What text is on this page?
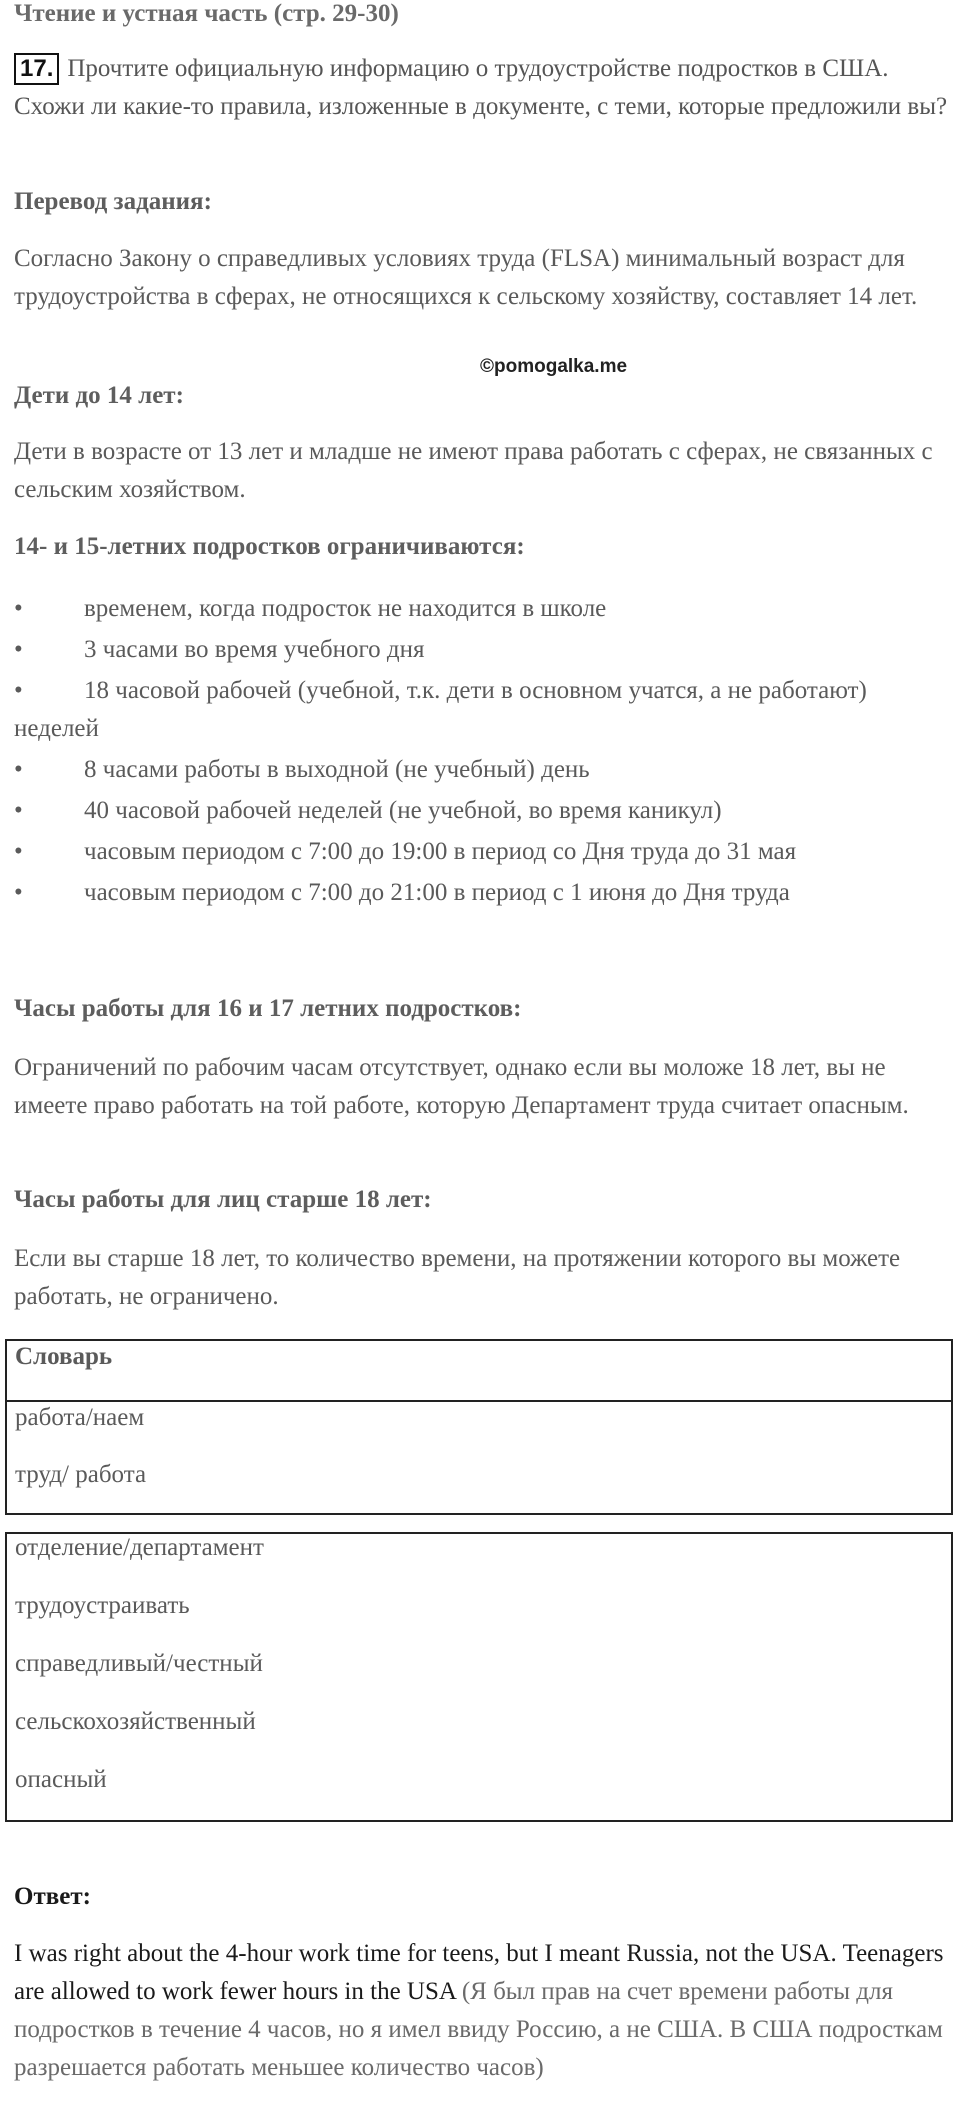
Чтение и устная часть (стр. 29-30)
17. Прочтите официальную информацию о трудоустройстве подростков в США. Схожи ли какие-то правила, изложенные в документе, с теми, которые предложили вы?
Перевод задания:
Согласно Закону о справедливых условиях труда (FLSA) минимальный возраст для трудоустройства в сферах, не относящихся к сельскому хозяйству, составляет 14 лет.
©pomogalka.me
Дети до 14 лет:
Дети в возрасте от 13 лет и младше не имеют права работать с сферах, не связанных с сельским хозяйством.
14- и 15-летних подростков ограничиваются:
• временем, когда подросток не находится в школе
• 3 часами во время учебного дня
• 18 часовой рабочей (учебной, т.к. дети в основном учатся, а не работают) неделей
• 8 часами работы в выходной (не учебный) день
• 40 часовой рабочей неделей (не учебной, во время каникул)
• часовым периодом с 7:00 до 19:00 в период со Дня труда до 31 мая
• часовым периодом с 7:00 до 21:00 в период с 1 июня до Дня труда
Часы работы для 16 и 17 летних подростков:
Ограничений по рабочим часам отсутствует, однако если вы моложе 18 лет, вы не имеете право работать на той работе, которую Департамент труда считает опасным.
Часы работы для лиц старше 18 лет:
Если вы старше 18 лет, то количество времени, на протяжении которого вы можете работать, не ограничено.
Словарь
работа/наем
труд/ работа
отделение/департамент
трудоустраивать
справедливый/честный
сельскохозяйственный
опасный
Ответ:
I was right about the 4-hour work time for teens, but I meant Russia, not the USA. Teenagers are allowed to work fewer hours in the USA (Я был прав на счет времени работы для подростков в течение 4 часов, но я имел ввиду Россию, а не США. В США подросткам разрешается работать меньшее количество часов)
